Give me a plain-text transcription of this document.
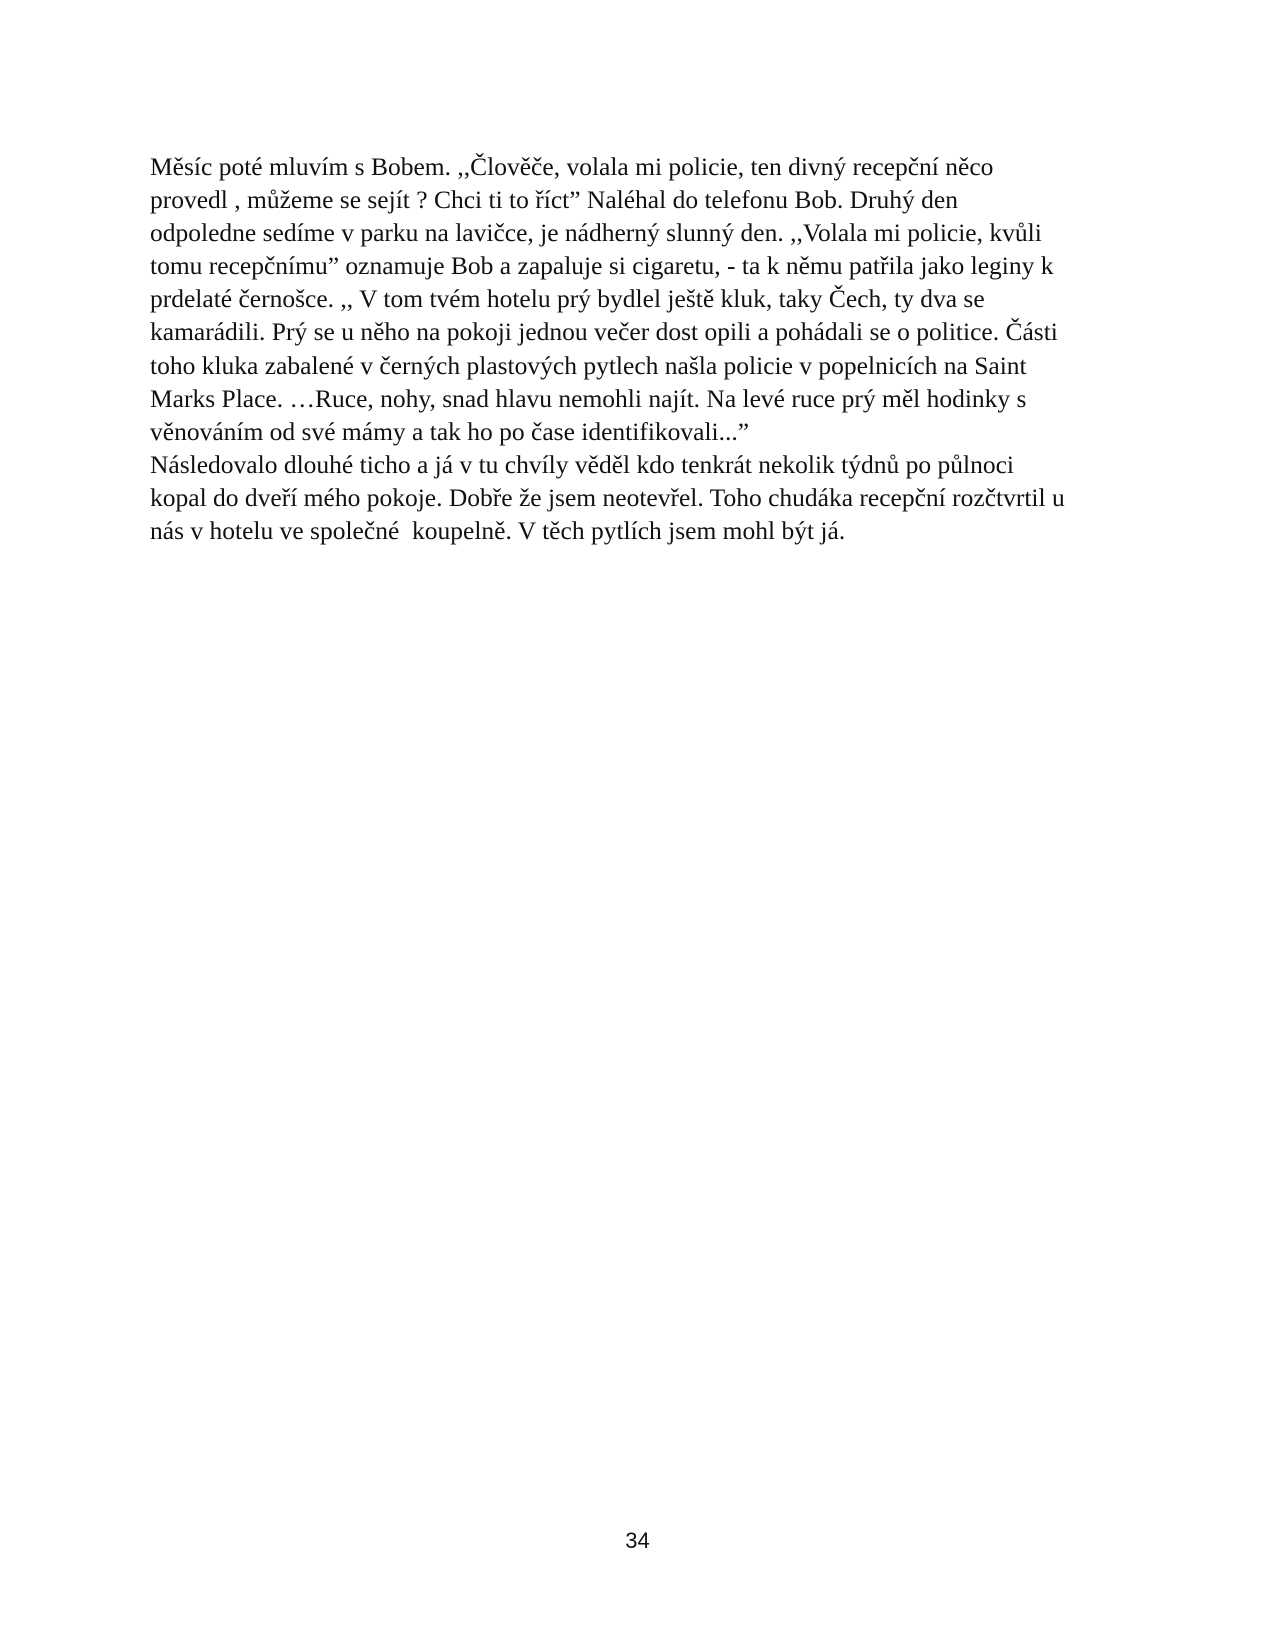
Měsíc poté mluvím s Bobem. ,,Člověče, volala mi policie, ten divný recepční něco
provedl , můžeme se sejít ? Chci ti to říct” Naléhal do telefonu Bob. Druhý den
odpoledne sedíme v parku na lavičce, je nádherný slunný den. ,,Volala mi policie, kvůli
tomu recepčnímu” oznamuje Bob a zapaluje si cigaretu, - ta k němu patřila jako leginy k
prdelaté černošce. ,, V tom tvém hotelu prý bydlel ještě kluk, taky Čech, ty dva se
kamarádili. Prý se u něho na pokoji jednou večer dost opili a pohádali se o politice. Části
toho kluka zabalené v černých plastových pytlech našla policie v popelnicích na Saint
Marks Place. …Ruce, nohy, snad hlavu nemohli najít. Na levé ruce prý měl hodinky s
věnováním od své mámy a tak ho po čase identifikovali...”
Následovalo dlouhé ticho a já v tu chvíly věděl kdo tenkrát nekolik týdnů po půlnoci
kopal do dveří mého pokoje. Dobře že jsem neotevřel. Toho chudáka recepční rozčtvrtil u
nás v hotelu ve společné  koupelně. V těch pytlích jsem mohl být já.
34
